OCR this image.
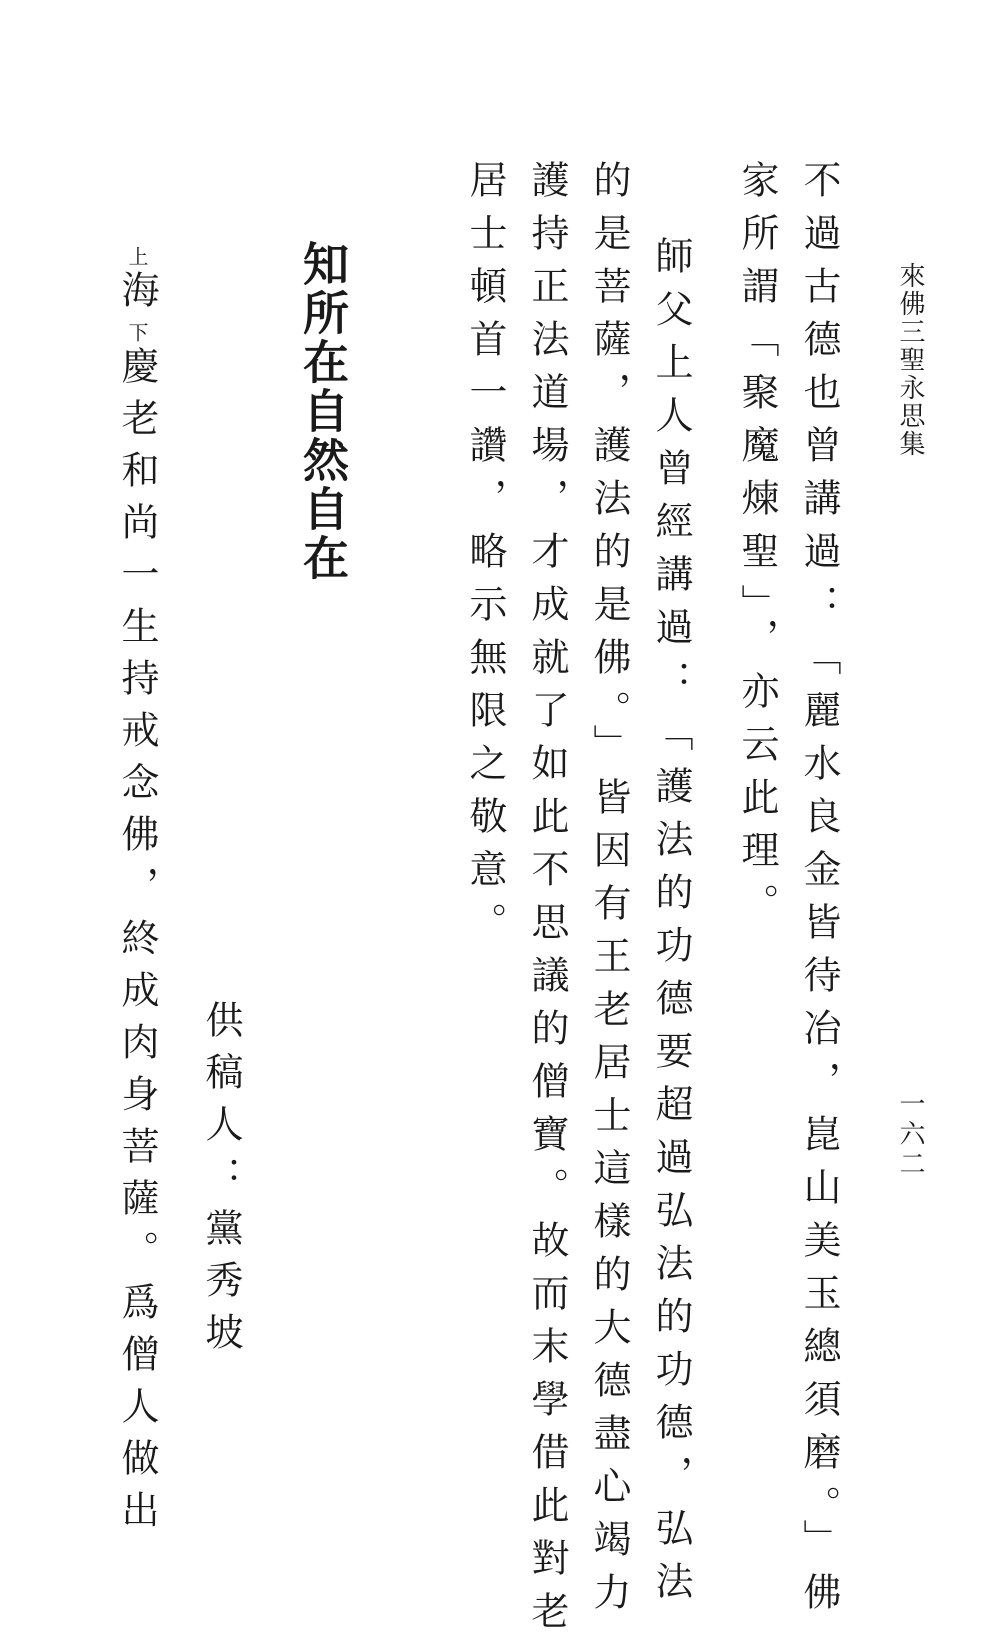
來佛三聖永思集
一六二

不過古德也曾講過：「麗水良金皆待冶，崑山美玉總須磨。」佛

家所謂「聚魔煉聖」，亦云此理。

師父上人曾經講過：「護法的功德要超過弘法的功德，弘法

的是菩薩，護法的是佛。」皆因有王老居士這樣的大德盡心竭力

護持正法道場，才成就了如此不思議的僧寶。故而末學借此對老

居士頓首一讚，略示無限之敬意。

知所在自然自在
供稿人：黨秀坡
上海下慶老和尚一生持戒念佛，終成肉身菩薩。爲僧人做出
